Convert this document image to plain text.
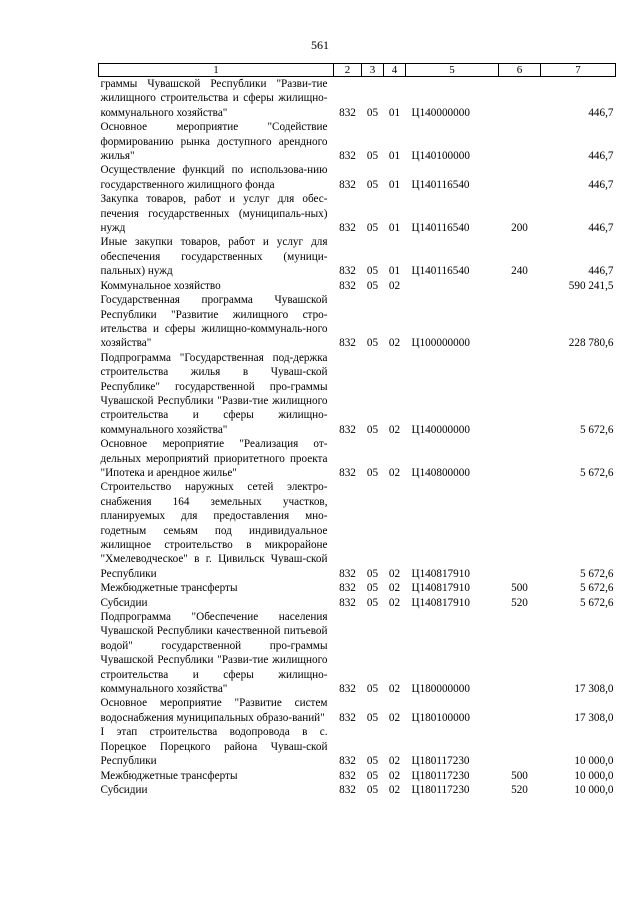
561
1	2	3	4	5	6	7
граммы Чувашской Республики "Разви-тие жилищного строительства и сферы жилищно-коммунального хозяйства"	832	05	01	Ц140000000		446,7
Основное мероприятие "Содействие формированию рынка доступного арендного жилья"	832	05	01	Ц140100000		446,7
Осуществление функций по использова-нию государственного жилищного фонда	832	05	01	Ц140116540		446,7
Закупка товаров, работ и услуг для обес-печения государственных (муниципаль-ных) нужд	832	05	01	Ц140116540	200	446,7
Иные закупки товаров, работ и услуг для обеспечения государственных (муници-пальных) нужд	832	05	01	Ц140116540	240	446,7
Коммунальное хозяйство	832	05	02			590 241,5
Государственная программа Чувашской Республики "Развитие жилищного стро-ительства и сферы жилищно-коммуналь-ного хозяйства"	832	05	02	Ц100000000		228 780,6
Подпрограмма "Государственная под-держка строительства жилья в Чуваш-ской Республике" государственной про-граммы Чувашской Республики "Разви-тие жилищного строительства и сферы жилищно-коммунального хозяйства"	832	05	02	Ц140000000		5 672,6
Основное мероприятие "Реализация от-дельных мероприятий приоритетного проекта "Ипотека и арендное жилье"	832	05	02	Ц140800000		5 672,6
Строительство наружных сетей электро-снабжения 164 земельных участков, планируемых для предоставления мно-годетным семьям под индивидуальное жилищное строительство в микрорайоне "Хмелеводческое" в г. Цивильск Чуваш-ской Республики	832	05	02	Ц140817910		5 672,6
Межбюджетные трансферты	832	05	02	Ц140817910	500	5 672,6
Субсидии	832	05	02	Ц140817910	520	5 672,6
Подпрограмма "Обеспечение населения Чувашской Республики качественной питьевой водой" государственной про-граммы Чувашской Республики "Разви-тие жилищного строительства и сферы жилищно-коммунального хозяйства"	832	05	02	Ц180000000		17 308,0
Основное мероприятие "Развитие систем водоснабжения муниципальных образо-ваний"	832	05	02	Ц180100000		17 308,0
I этап строительства водопровода в с. Порецкое Порецкого района Чуваш-ской Республики	832	05	02	Ц180117230		10 000,0
Межбюджетные трансферты	832	05	02	Ц180117230	500	10 000,0
Субсидии	832	05	02	Ц180117230	520	10 000,0
